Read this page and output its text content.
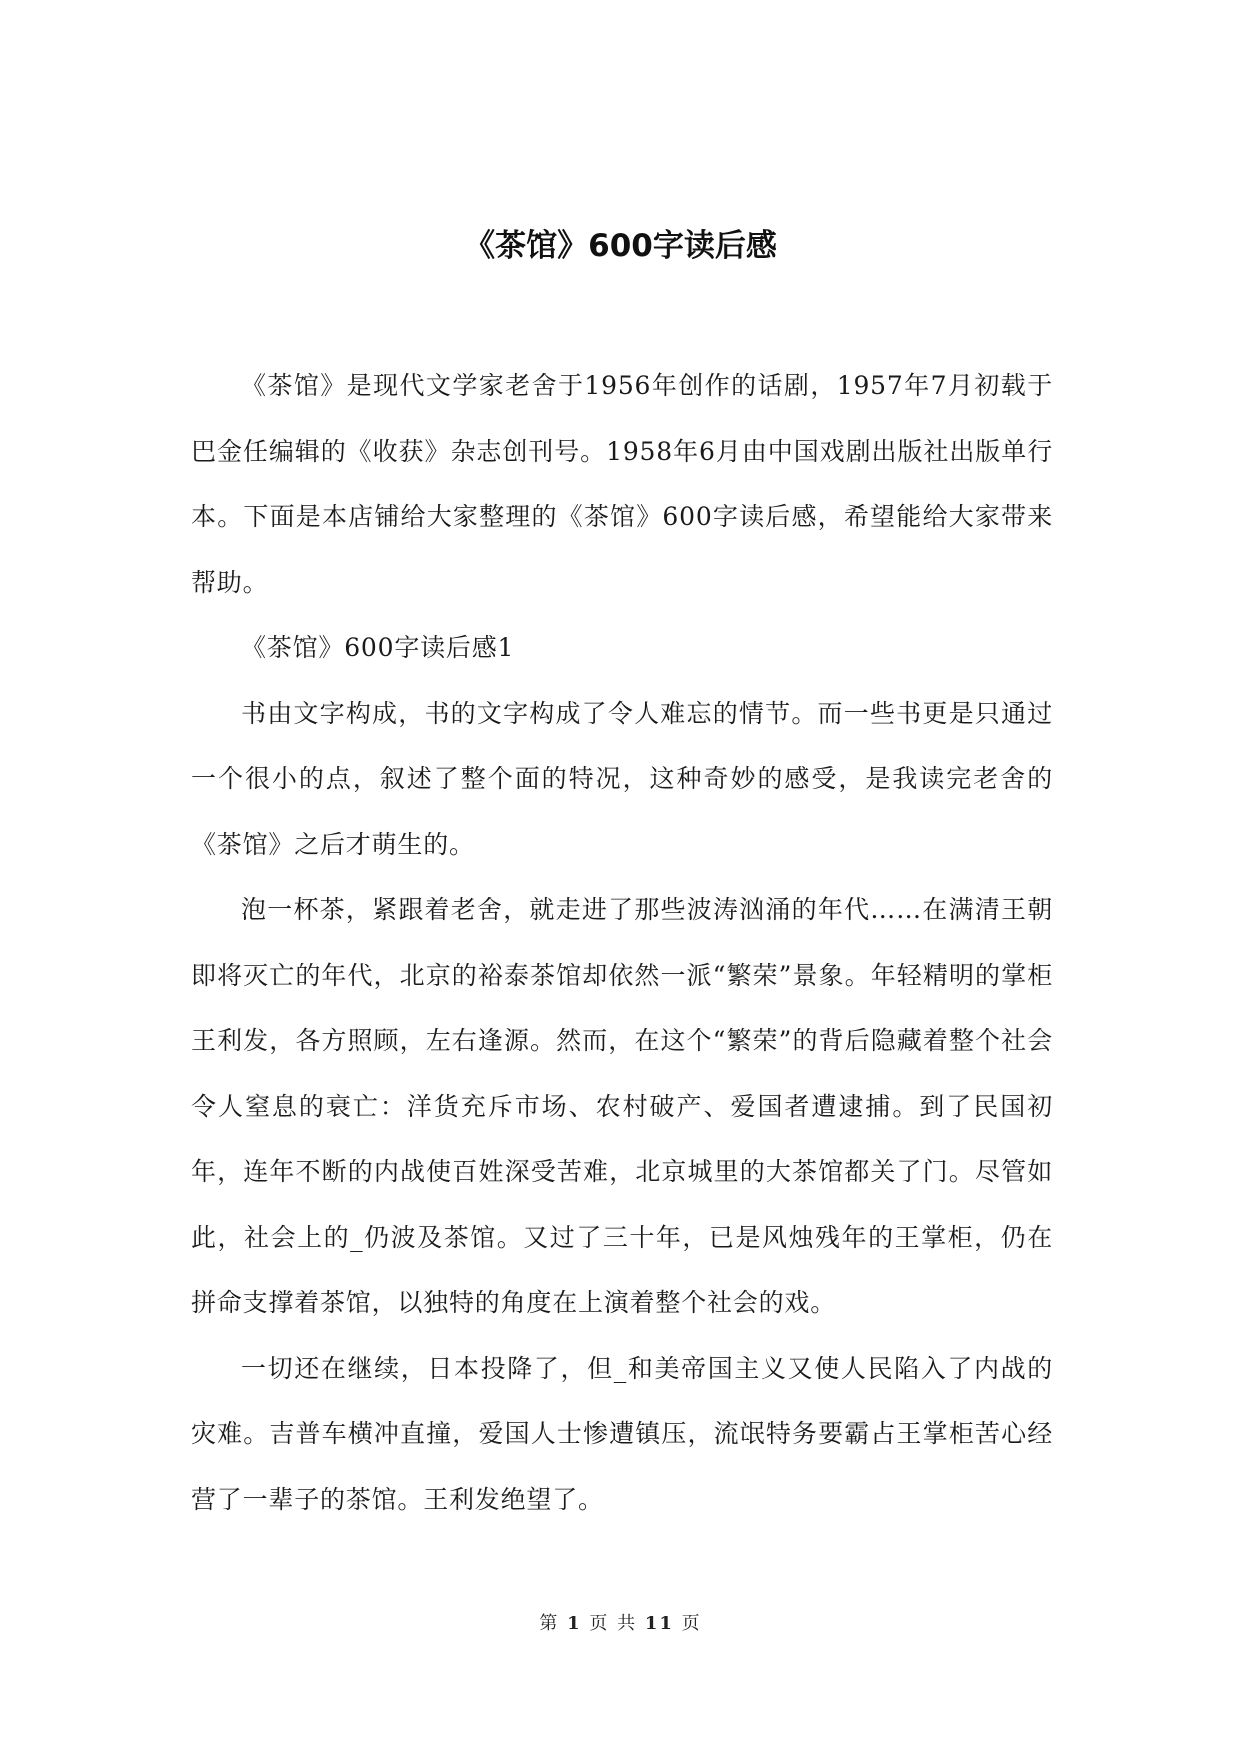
《茶馆》600字读后感

《茶馆》是现代文学家老舍于1956年创作的话剧，1957年7月初载于巴金任编辑的《收获》杂志创刊号。1958年6月由中国戏剧出版社出版单行本。下面是本店铺给大家整理的《茶馆》600字读后感，希望能给大家带来帮助。

《茶馆》600字读后感1

书由文字构成，书的文字构成了令人难忘的情节。而一些书更是只通过一个很小的点，叙述了整个面的特况，这种奇妙的感受，是我读完老舍的《茶馆》之后才萌生的。

泡一杯茶，紧跟着老舍，就走进了那些波涛汹涌的年代……在满清王朝即将灭亡的年代，北京的裕泰茶馆却依然一派“繁荣”景象。年轻精明的掌柜王利发，各方照顾，左右逢源。然而，在这个“繁荣”的背后隐藏着整个社会令人窒息的衰亡：洋货充斥市场、农村破产、爱国者遭逮捕。到了民国初年，连年不断的内战使百姓深受苦难，北京城里的大茶馆都关了门。尽管如此，社会上的_仍波及茶馆。又过了三十年，已是风烛残年的王掌柜，仍在拼命支撑着茶馆，以独特的角度在上演着整个社会的戏。

一切还在继续，日本投降了，但_和美帝国主义又使人民陷入了内战的灾难。吉普车横冲直撞，爱国人士惨遭镇压，流氓特务要霸占王掌柜苦心经营了一辈子的茶馆。王利发绝望了。

第 1 页 共 11 页
